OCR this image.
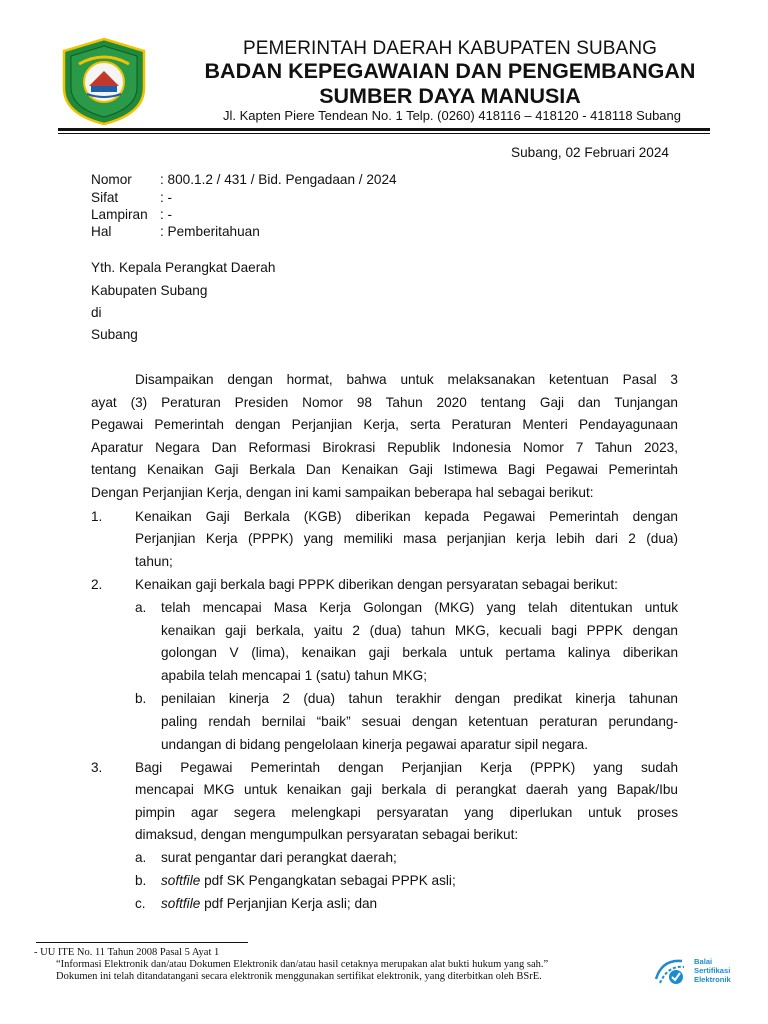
PEMERINTAH DAERAH KABUPATEN SUBANG
BADAN KEPEGAWAIAN DAN PENGEMBANGAN
SUMBER DAYA MANUSIA
Jl. Kapten Piere Tendean No. 1 Telp. (0260) 418116 – 418120 - 418118 Subang
Subang, 02 Februari 2024
Nomor : 800.1.2 / 431 / Bid. Pengadaan / 2024
Sifat	: -
Lampiran : -
Hal	: Pemberitahuan
Yth. Kepala Perangkat Daerah
Kabupaten Subang
di
Subang
Disampaikan dengan hormat, bahwa untuk melaksanakan ketentuan Pasal 3
ayat (3) Peraturan Presiden Nomor 98 Tahun 2020 tentang Gaji dan Tunjangan
Pegawai Pemerintah dengan Perjanjian Kerja, serta Peraturan Menteri Pendayagunaan
Aparatur Negara Dan Reformasi Birokrasi Republik Indonesia Nomor 7 Tahun 2023,
tentang Kenaikan Gaji Berkala Dan Kenaikan Gaji Istimewa Bagi Pegawai Pemerintah
Dengan Perjanjian Kerja, dengan ini kami sampaikan beberapa hal sebagai berikut:
1. Kenaikan Gaji Berkala (KGB) diberikan kepada Pegawai Pemerintah dengan
Perjanjian Kerja (PPPK) yang memiliki masa perjanjian kerja lebih dari 2 (dua)
tahun;
2. Kenaikan gaji berkala bagi PPPK diberikan dengan persyaratan sebagai berikut:
a. telah mencapai Masa Kerja Golongan (MKG) yang telah ditentukan untuk
kenaikan gaji berkala, yaitu 2 (dua) tahun MKG, kecuali bagi PPPK dengan
golongan V (lima), kenaikan gaji berkala untuk pertama kalinya diberikan
apabila telah mencapai 1 (satu) tahun MKG;
b. penilaian kinerja 2 (dua) tahun terakhir dengan predikat kinerja tahunan
paling rendah bernilai “baik” sesuai dengan ketentuan peraturan perundang-
undangan di bidang pengelolaan kinerja pegawai aparatur sipil negara.
3. Bagi Pegawai Pemerintah dengan Perjanjian Kerja (PPPK) yang sudah
mencapai MKG untuk kenaikan gaji berkala di perangkat daerah yang Bapak/Ibu
pimpin agar segera melengkapi persyaratan yang diperlukan untuk proses
dimaksud, dengan mengumpulkan persyaratan sebagai berikut:
a. surat pengantar dari perangkat daerah;
b. softfile pdf SK Pengangkatan sebagai PPPK asli;
c. softfile pdf Perjanjian Kerja asli; dan
- UU ITE No. 11 Tahun 2008 Pasal 5 Ayat 1
“Informasi Elektronik dan/atau Dokumen Elektronik dan/atau hasil cetaknya merupakan alat bukti hukum yang sah.”
Dokumen ini telah ditandatangani secara elektronik menggunakan sertifikat elektronik, yang diterbitkan oleh BSrE.
Balai
Sertifikasi
Elektronik
